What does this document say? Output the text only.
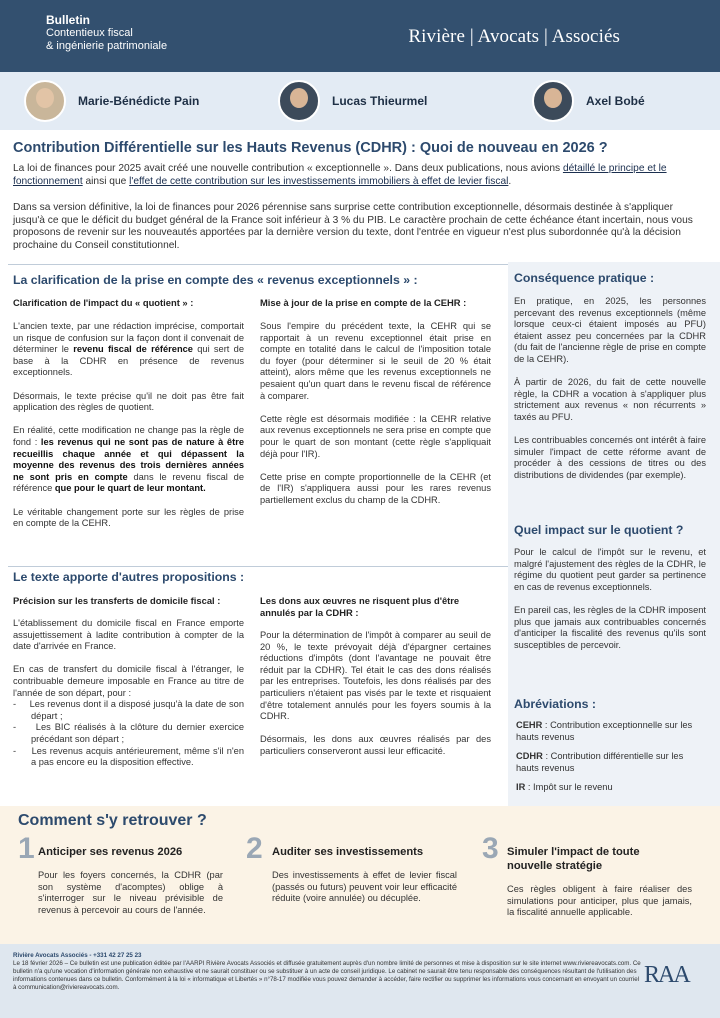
Bulletin
Contentieux fiscal
& ingénierie patrimoniale	Rivière | Avocats | Associés
Marie-Bénédicte Pain	Lucas Thieurmel	Axel Bobé
Contribution Différentielle sur les Hauts Revenus (CDHR) : Quoi de nouveau en 2026 ?
La loi de finances pour 2025 avait créé une nouvelle contribution « exceptionnelle ». Dans deux publications, nous avions détaillé le principe et le fonctionnement ainsi que l'effet de cette contribution sur les investissements immobiliers à effet de levier fiscal.
Dans sa version définitive, la loi de finances pour 2026 pérennise sans surprise cette contribution exceptionnelle, désormais destinée à s'appliquer jusqu'à ce que le déficit du budget général de la France soit inférieur à 3 % du PIB. Le caractère prochain de cette échéance étant incertain, nous vous proposons de revenir sur les nouveautés apportées par la dernière version du texte, dont l'entrée en vigueur n'est plus subordonnée qu'à la décision prochaine du Conseil constitutionnel.
La clarification de la prise en compte des « revenus exceptionnels » :
Clarification de l'impact du « quotient » :

L'ancien texte, par une rédaction imprécise, comportait un risque de confusion sur la façon dont il convenait de déterminer le revenu fiscal de référence qui sert de base à la CDHR en présence de revenus exceptionnels.

Désormais, le texte précise qu'il ne doit pas être fait application des règles de quotient.

En réalité, cette modification ne change pas la règle de fond : les revenus qui ne sont pas de nature à être recueillis chaque année et qui dépassent la moyenne des revenus des trois dernières années ne sont pris en compte dans le revenu fiscal de référence que pour le quart de leur montant.

Le véritable changement porte sur les règles de prise en compte de la CEHR.

Mise à jour de la prise en compte de la CEHR :

Sous l'empire du précédent texte, la CEHR qui se rapportait à un revenu exceptionnel était prise en compte en totalité dans le calcul de l'imposition totale du foyer (pour déterminer si le seuil de 20 % était atteint), alors même que les revenus exceptionnels ne pesaient qu'un quart dans le revenu fiscal de référence à comparer.

Cette règle est désormais modifiée : la CEHR relative aux revenus exceptionnels ne sera prise en compte que pour le quart de son montant (cette règle s'appliquait déjà pour l'IR).

Cette prise en compte proportionnelle de la CEHR (et de l'IR) s'appliquera aussi pour les rares revenus partiellement exclus du champ de la CDHR.

Le texte apporte d'autres propositions :
Précision sur les transferts de domicile fiscal :

L'établissement du domicile fiscal en France emporte assujettissement à ladite contribution à compter de la date d'arrivée en France.

En cas de transfert du domicile fiscal à l'étranger, le contribuable demeure imposable en France au titre de l'année de son départ, pour :

-     Les revenus dont il a disposé jusqu'à la date de son départ ;
-     Les BIC réalisés à la clôture du dernier exercice précédant son départ ;
-     Les revenus acquis antérieurement, même s'il n'en a pas encore eu la disposition effective.
Les dons aux œuvres ne risquent plus d'être annulés par la CDHR :

Pour la détermination de l'impôt à comparer au seuil de 20 %, le texte prévoyait déjà d'épargner certaines réductions d'impôts (dont l'avantage ne pouvait être réduit par la CDHR). Tel était le cas des dons réalisés par les entreprises. Toutefois, les dons réalisés par des particuliers n'étaient pas visés par le texte et risquaient d'être totalement annulés pour les foyers soumis à la CDHR.

Désormais, les dons aux œuvres réalisés par des particuliers conserveront aussi leur efficacité.

Conséquence pratique :

En pratique, en 2025, les personnes percevant des revenus exceptionnels (même lorsque ceux-ci étaient imposés au PFU) étaient assez peu concernées par la CDHR (du fait de l'ancienne règle de prise en compte de la CEHR).

À partir de 2026, du fait de cette nouvelle règle, la CDHR a vocation à s'appliquer plus strictement aux revenus « non récurrents » taxés au PFU.

Les contribuables concernés ont intérêt à faire simuler l'impact de cette réforme avant de procéder à des cessions de titres ou des distributions de dividendes (par exemple).

Quel impact sur le quotient ?

Pour le calcul de l'impôt sur le revenu, et malgré l'ajustement des règles de la CDHR, le régime du quotient peut garder sa pertinence en cas de revenus exceptionnels.

En pareil cas, les règles de la CDHR imposent plus que jamais aux contribuables concernés d'anticiper la fiscalité des revenus qu'ils sont susceptibles de percevoir.

Abréviations :
CEHR : Contribution exceptionnelle sur les hauts revenus
CDHR : Contribution différentielle sur les hauts revenus
IR : Impôt sur le revenu
Comment s'y retrouver ?
1 Anticiper ses revenus 2026
Pour les foyers concernés, la CDHR (par son système d'acomptes) oblige à s'interroger sur le niveau prévisible de revenus à percevoir au cours de l'année.
2 Auditer ses investissements
Des investissements à effet de levier fiscal (passés ou futurs) peuvent voir leur efficacité réduite (voire annulée) ou décuplée.
3 Simuler l'impact de toute nouvelle stratégie
Ces règles obligent à faire réaliser des simulations pour anticiper, plus que jamais, la fiscalité annuelle applicable.
Rivière Avocats Associés - +331 42 27 25 23
Le 18 février 2026 – Ce bulletin est une publication éditée par l'AARPI Rivière Avocats Associés et diffusée gratuitement auprès d'un nombre limité de personnes et mise à disposition sur le site internet www.riviereavocats.com. Ce bulletin n'a qu'une vocation d'information générale non exhaustive et ne saurait constituer ou se substituer à un acte de conseil juridique. Le cabinet ne saurait être tenu responsable des conséquences résultant de l'utilisation des informations contenues dans ce bulletin. Conformément à la loi « informatique et Libertés » n°78-17 modifiée vous pouvez demander à accéder, faire rectifier ou supprimer les informations vous concernant en envoyant un courriel à communication@riviereavocats.com.	RAA
